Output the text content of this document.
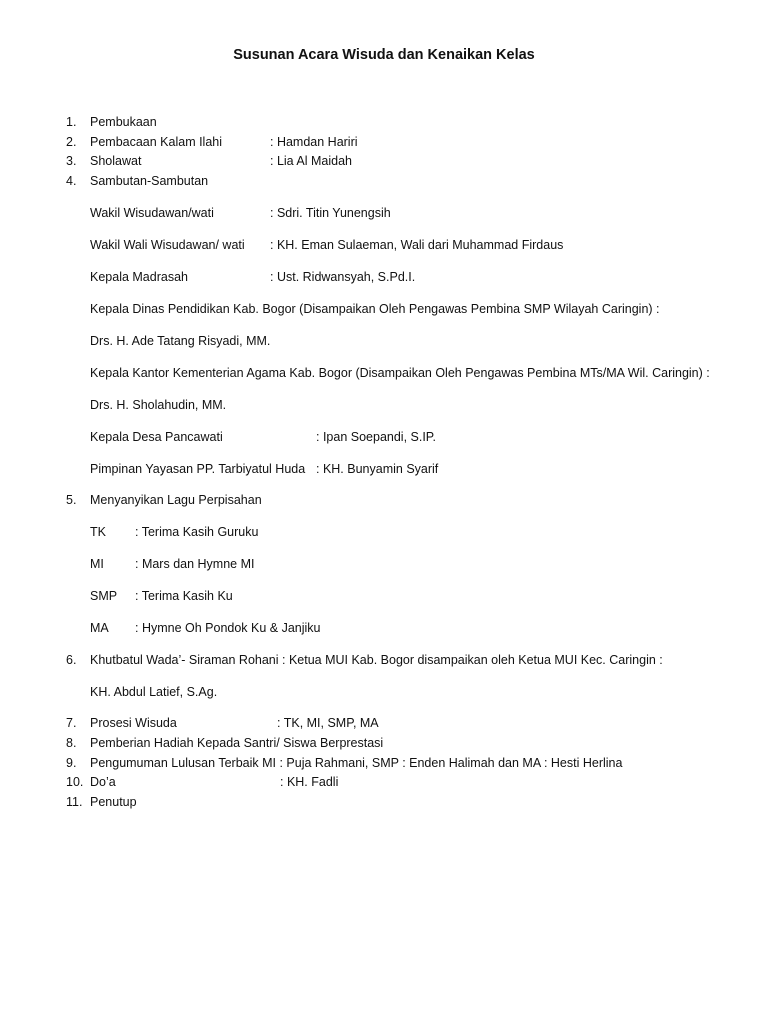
Susunan Acara Wisuda dan Kenaikan Kelas
1. Pembukaan
2. Pembacaan Kalam Ilahi	: Hamdan Hariri
3. Sholawat	: Lia Al Maidah
4. Sambutan-Sambutan
Wakil Wisudawan/wati	: Sdri. Titin Yunengsih
Wakil Wali Wisudawan/ wati : KH. Eman Sulaeman, Wali dari Muhammad Firdaus
Kepala Madrasah	: Ust. Ridwansyah, S.Pd.I.
Kepala Dinas Pendidikan Kab. Bogor (Disampaikan Oleh Pengawas Pembina SMP Wilayah Caringin) :
Drs. H. Ade Tatang Risyadi, MM.
Kepala Kantor Kementerian Agama Kab. Bogor (Disampaikan Oleh Pengawas Pembina MTs/MA Wil. Caringin) :
Drs. H. Sholahudin, MM.
Kepala Desa Pancawati	: Ipan Soepandi, S.IP.
Pimpinan Yayasan PP. Tarbiyatul Huda : KH. Bunyamin Syarif
5. Menyanyikan Lagu Perpisahan
TK : Terima Kasih Guruku
MI : Mars dan Hymne MI
SMP : Terima Kasih Ku
MA : Hymne Oh Pondok Ku & Janjiku
6. Khutbatul Wada’- Siraman Rohani : Ketua MUI Kab. Bogor disampaikan oleh Ketua MUI Kec. Caringin :
KH. Abdul Latief, S.Ag.
7. Prosesi Wisuda	: TK, MI, SMP, MA
8. Pemberian Hadiah Kepada Santri/ Siswa Berprestasi
9. Pengumuman Lulusan Terbaik MI : Puja Rahmani, SMP : Enden Halimah dan MA : Hesti Herlina
10. Do’a	: KH. Fadli
11. Penutup
